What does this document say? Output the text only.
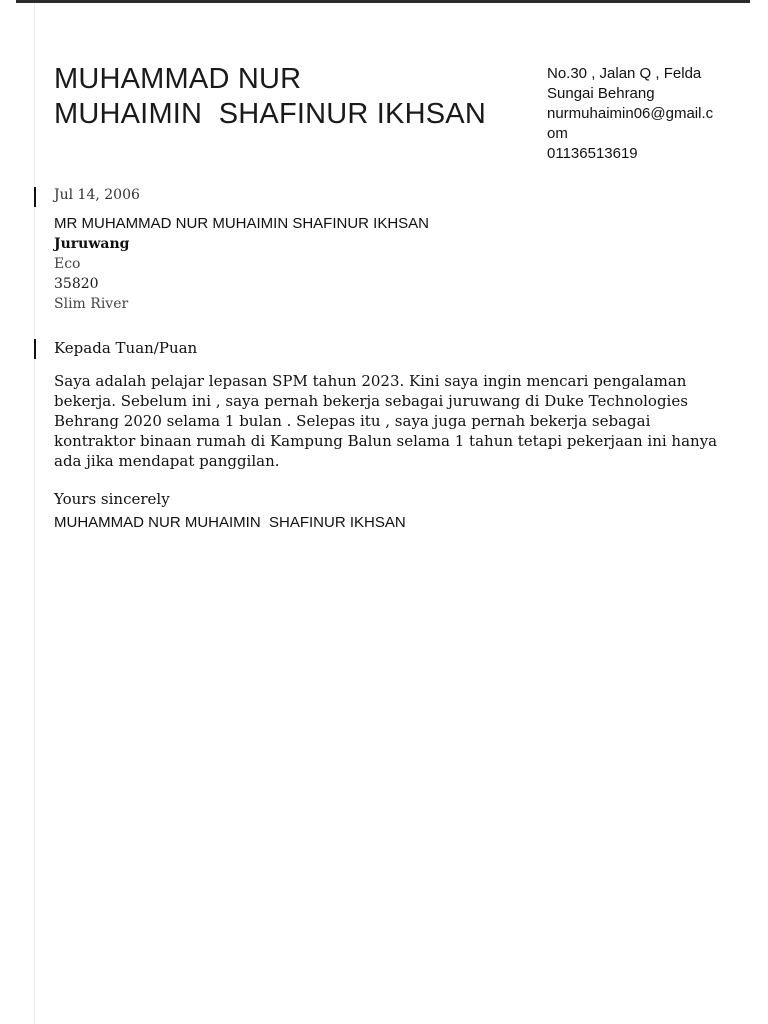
MUHAMMAD NUR
MUHAIMIN  SHAFINUR IKHSAN
No.30 , Jalan Q , Felda
Sungai Behrang
nurmuhaimin06@gmail.c
om
01136513619
Jul 14, 2006
MR MUHAMMAD NUR MUHAIMIN SHAFINUR IKHSAN
Juruwang
Eco
35820
Slim River
Kepada Tuan/Puan

Saya adalah pelajar lepasan SPM tahun 2023. Kini saya ingin mencari pengalaman bekerja. Sebelum ini , saya pernah bekerja sebagai juruwang di Duke Technologies Behrang 2020 selama 1 bulan . Selepas itu , saya juga pernah bekerja sebagai kontraktor binaan rumah di Kampung Balun selama 1 tahun tetapi pekerjaan ini hanya ada jika mendapat panggilan.

Yours sincerely
MUHAMMAD NUR MUHAIMIN  SHAFINUR IKHSAN
